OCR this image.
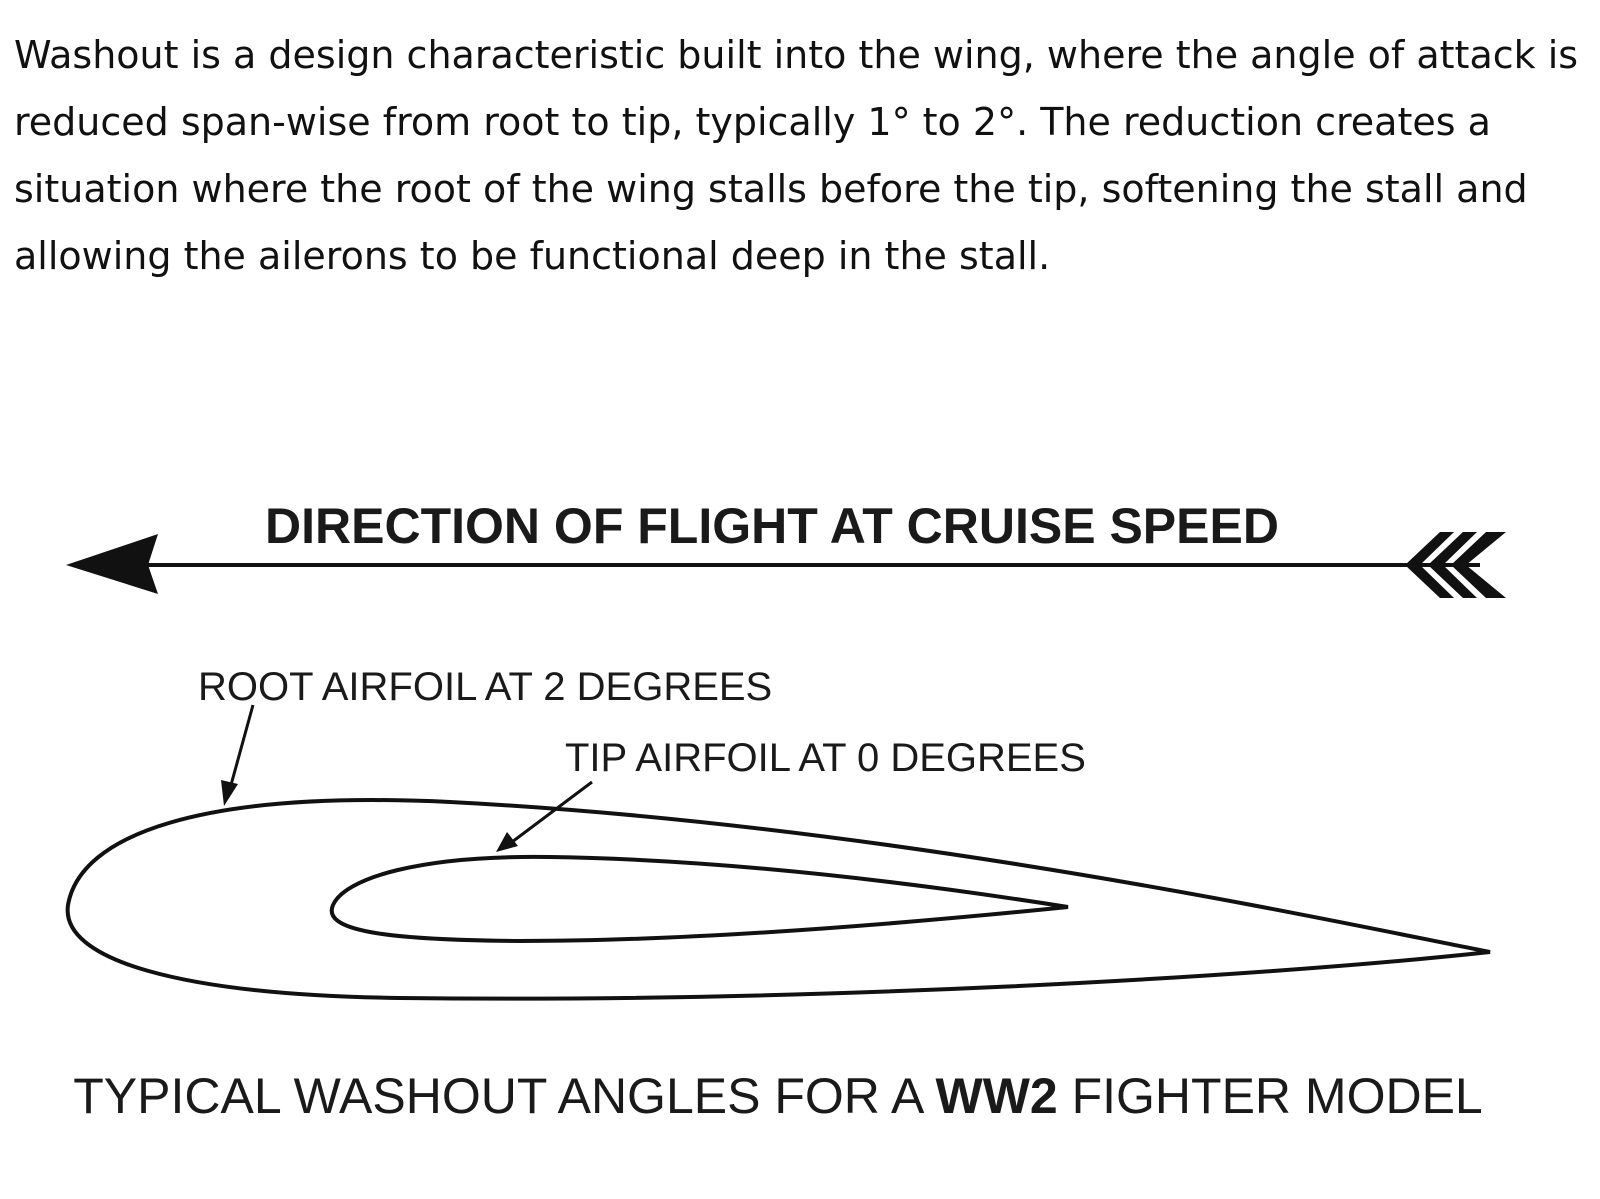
Washout is a design characteristic built into the wing, where the angle of attack is reduced span-wise from root to tip, typically 1° to 2°. The reduction creates a situation where the root of the wing stalls before the tip, softening the stall and allowing the ailerons to be functional deep in the stall.

DIRECTION OF FLIGHT AT CRUISE SPEED
ROOT AIRFOIL AT 2 DEGREES
TIP AIRFOIL AT 0 DEGREES
TYPICAL WASHOUT ANGLES FOR A WW2 FIGHTER MODEL
